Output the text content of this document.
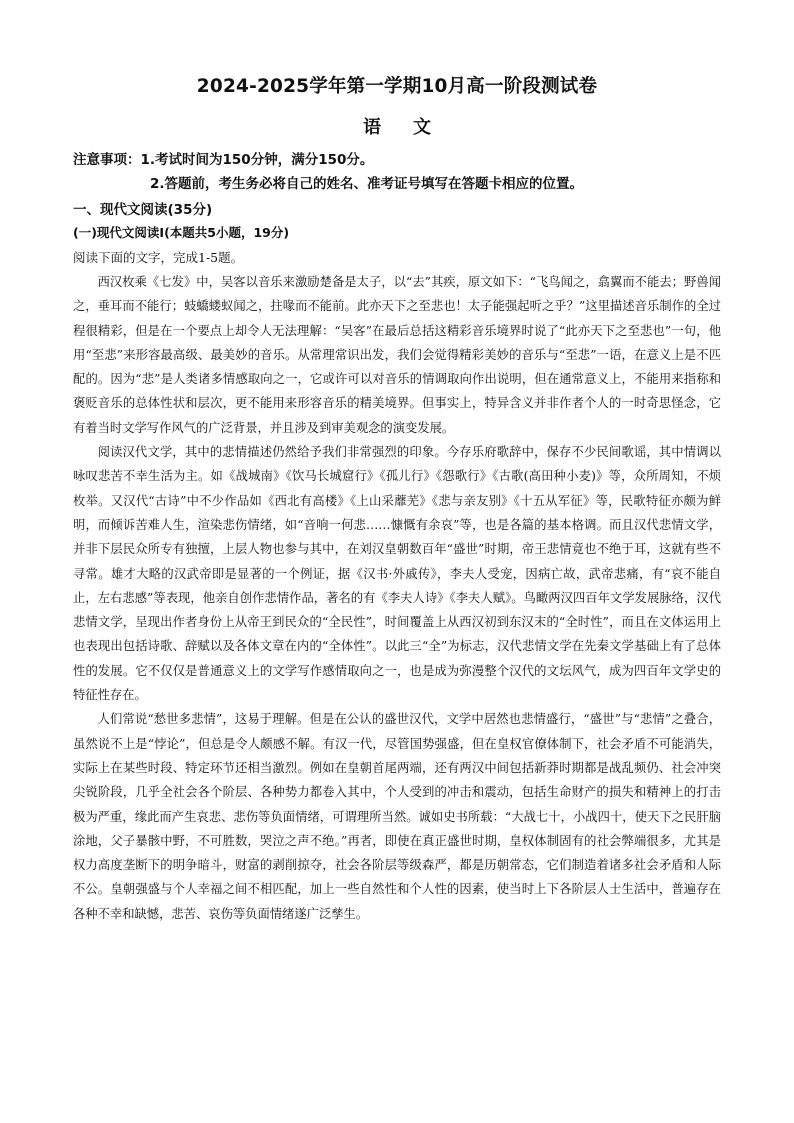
2024-2025学年第一学期10月高一阶段测试卷
语文
注意事项：1.考试时间为150分钟，满分150分。
2.答题前，考生务必将自己的姓名、准考证号填写在答题卡相应的位置。
一、现代文阅读(35分)
(一)现代文阅读Ⅰ(本题共5小题，19分)
阅读下面的文字，完成1-5题。

西汉枚乘《七发》中，吴客以音乐来激励楚备是太子，以“去”其疾，原文如下：“飞鸟闻之，翕翼而不能去；野兽闻之，垂耳而不能行；蚑蟜蝼蚁闻之，拄喙而不能前。此亦天下之至悲也！太子能强起听之乎？”这里描述音乐制作的全过程很精彩，但是在一个要点上却令人无法理解：“吴客”在最后总括这精彩音乐境界时说了“此亦天下之至悲也”一句，他用“至悲”来形容最高级、最美妙的音乐。从常理常识出发，我们会觉得精彩美妙的音乐与“至悲”一语，在意义上是不匹配的。因为“悲”是人类诸多情感取向之一，它或许可以对音乐的情调取向作出说明，但在通常意义上，不能用来指称和褒贬音乐的总体性状和层次，更不能用来形容音乐的精美境界。但事实上，特异含义并非作者个人的一时奇思怪念，它有着当时文学写作风气的广泛背景，并且涉及到审美观念的演变发展。

阅读汉代文学，其中的悲情描述仍然给予我们非常强烈的印象。今存乐府歌辞中，保存不少民间歌谣，其中情调以咏叹悲苦不幸生活为主。如《战城南》《饮马长城窟行》《孤儿行》《怨歌行》《古歌(高田种小麦)》等，众所周知，不烦枚举。又汉代“古诗”中不少作品如《西北有高楼》《上山采蘼芜》《悲与亲友别》《十五从军征》等，民歌特征亦颇为鲜明，而倾诉苦难人生，渲染悲伤情绪，如“音响一何悲……慷慨有余哀”等，也是各篇的基本格调。而且汉代悲情文学，并非下层民众所专有独擅，上层人物也参与其中，在刘汉皇朝数百年“盛世”时期，帝王悲情竟也不绝于耳，这就有些不寻常。雄才大略的汉武帝即是显著的一个例证，据《汉书·外戚传》，李夫人受宠，因病亡故，武帝悲痛，有“哀不能自止，左右悲感”等表现，他亲自创作悲情作品，著名的有《李夫人诗》《李夫人赋》。鸟瞰两汉四百年文学发展脉络，汉代悲情文学，呈现出作者身份上从帝王到民众的“全民性”，时间覆盖上从西汉初到东汉末的“全时性”，而且在文体运用上也表现出包括诗歌、辞赋以及各体文章在内的“全体性”。以此三“全”为标志，汉代悲情文学在先秦文学基础上有了总体性的发展。它不仅仅是普通意义上的文学写作感情取向之一，也是成为弥漫整个汉代的文坛风气，成为四百年文学史的特征性存在。

人们常说“愁世多悲情”，这易于理解。但是在公认的盛世汉代，文学中居然也悲情盛行，“盛世”与“悲情”之叠合，虽然说不上是“悖论”，但总是令人颇感不解。有汉一代，尽管国势强盛，但在皇权官僚体制下，社会矛盾不可能消失，实际上在某些时段、特定环节还相当激烈。例如在皇朝首尾两端，还有两汉中间包括新莽时期都是战乱频仍、社会冲突尖锐阶段，几乎全社会各个阶层、各种势力都卷入其中，个人受到的冲击和震动，包括生命财产的损失和精神上的打击极为严重，缘此而产生哀悲、悲伤等负面情绪，可谓理所当然。诚如史书所载：“大战七十，小战四十，使天下之民肝脑涂地，父子暴骸中野，不可胜数，哭泣之声不绝。”再者，即使在真正盛世时期，皇权体制固有的社会弊端很多，尤其是权力高度垄断下的明争暗斗，财富的剥削掠夺，社会各阶层等级森严，都是历朝常态，它们制造着诸多社会矛盾和人际不公。皇朝强盛与个人幸福之间不相匹配，加上一些自然性和个人性的因素，使当时上下各阶层人士生活中，普遍存在各种不幸和缺憾，悲苦、哀伤等负面情绪遂广泛孳生。
